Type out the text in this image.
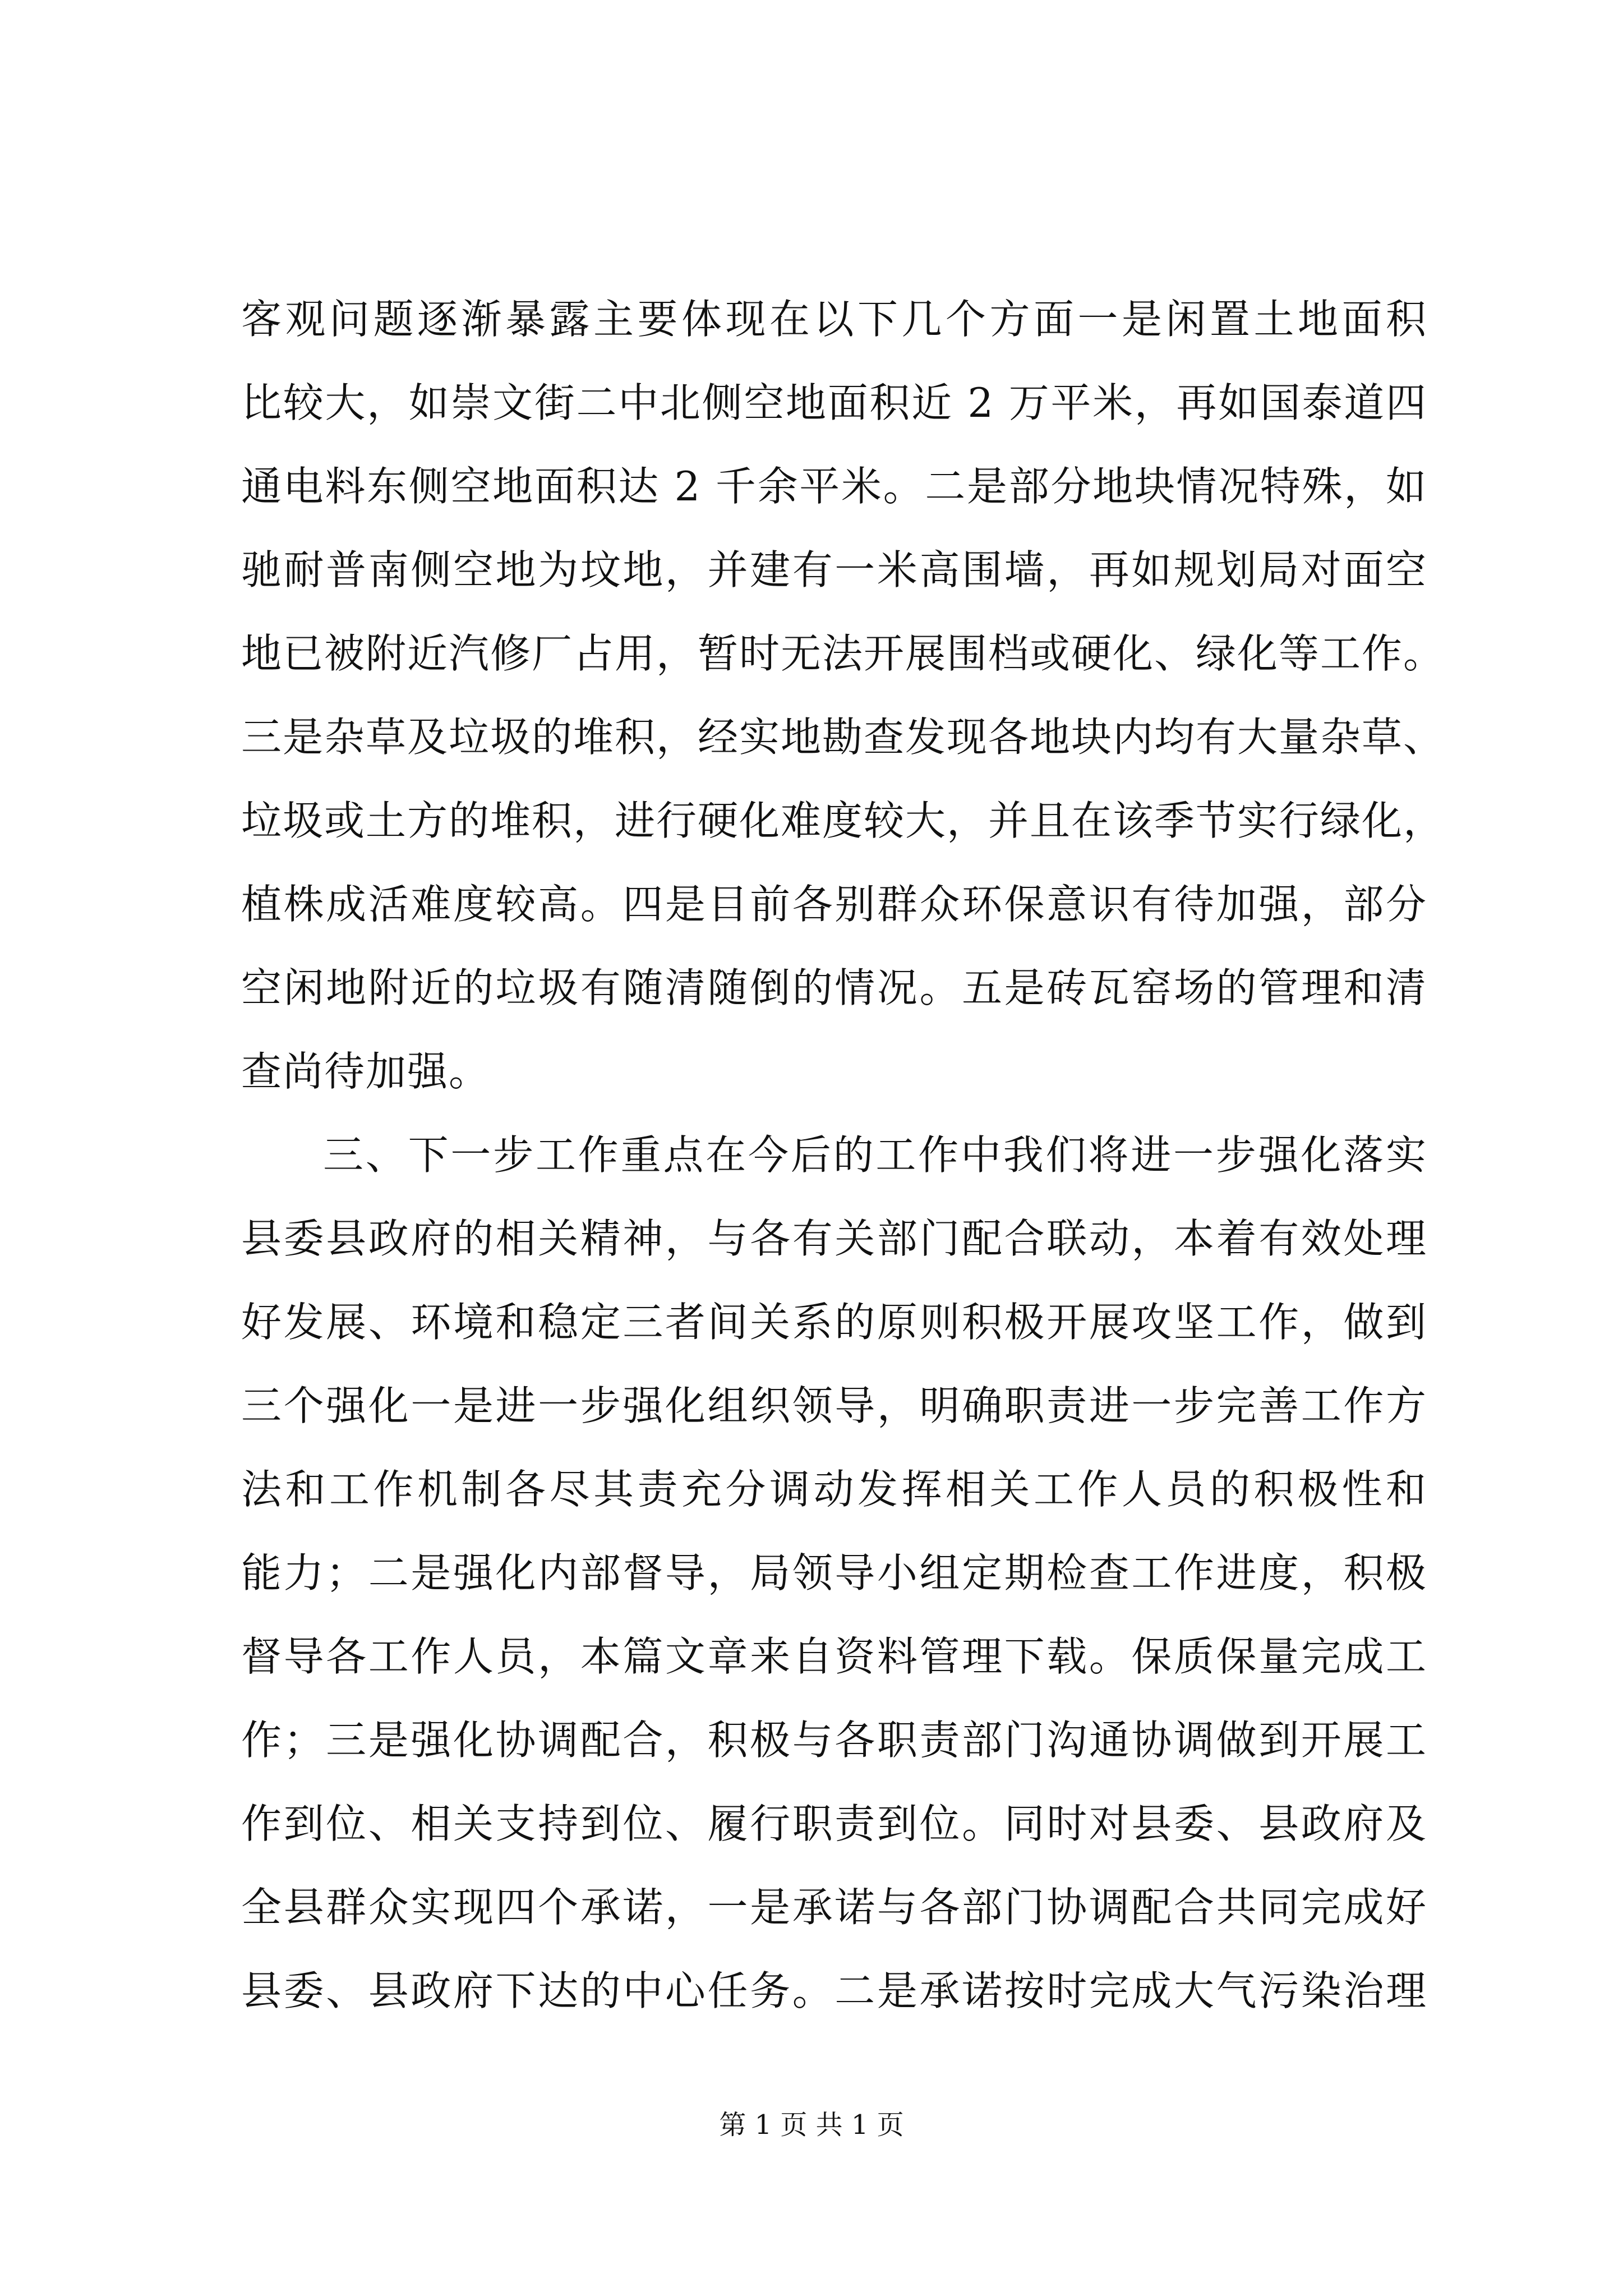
客观问题逐渐暴露主要体现在以下几个方面一是闲置土地面积
比较大，如崇文街二中北侧空地面积近 2 万平米，再如国泰道四
通电料东侧空地面积达 2 千余平米。二是部分地块情况特殊，如
驰耐普南侧空地为坟地，并建有一米高围墙，再如规划局对面空
地已被附近汽修厂占用，暂时无法开展围档或硬化、绿化等工作。
三是杂草及垃圾的堆积，经实地勘查发现各地块内均有大量杂草、
垃圾或土方的堆积，进行硬化难度较大，并且在该季节实行绿化，
植株成活难度较高。四是目前各别群众环保意识有待加强，部分
空闲地附近的垃圾有随清随倒的情况。五是砖瓦窑场的管理和清
查尚待加强。
三、下一步工作重点在今后的工作中我们将进一步强化落实
县委县政府的相关精神，与各有关部门配合联动，本着有效处理
好发展、环境和稳定三者间关系的原则积极开展攻坚工作，做到
三个强化一是进一步强化组织领导，明确职责进一步完善工作方
法和工作机制各尽其责充分调动发挥相关工作人员的积极性和
能力；二是强化内部督导，局领导小组定期检查工作进度，积极
督导各工作人员，本篇文章来自资料管理下载。保质保量完成工
作；三是强化协调配合，积极与各职责部门沟通协调做到开展工
作到位、相关支持到位、履行职责到位。同时对县委、县政府及
全县群众实现四个承诺，一是承诺与各部门协调配合共同完成好
县委、县政府下达的中心任务。二是承诺按时完成大气污染治理
第 1 页 共 1 页
